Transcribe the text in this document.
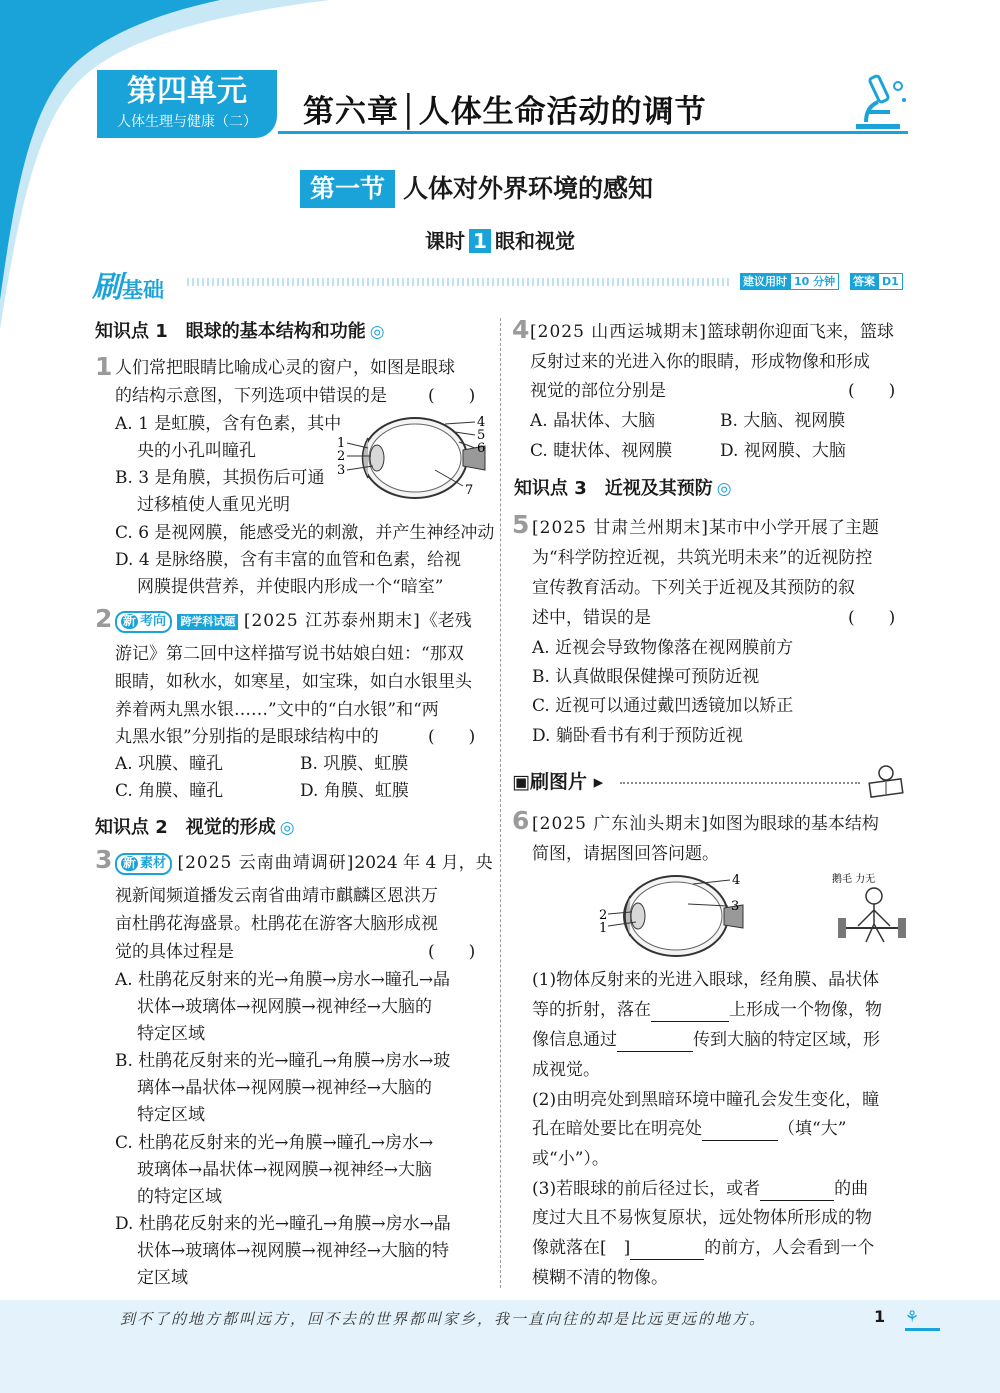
第四单元
人体生理与健康（二）	第六章│人体生命活动的调节
第一节 人体对外界环境的感知
课时 1 眼和视觉
刷基础	建议用时 10 分钟	答案 D1
知识点 1　眼球的基本结构和功能 ◎
1 人们常把眼睛比喻成心灵的窗户，如图是眼球
的结构示意图，下列选项中错误的是 (　　)
A. 1 是虹膜，含有色素，其中
央的小孔叫瞳孔
B. 3 是角膜，其损伤后可通
过移植使人重见光明
C. 6 是视网膜，能感受光的刺激，并产生神经冲动
D. 4 是脉络膜，含有丰富的血管和色素，给视
网膜提供营养，并使眼内形成一个“暗室”
1
2
3
4
5
6
7
2 新 考向 跨学科试题 [2025 江苏泰州期末]《老残
游记》第二回中这样描写说书姑娘白妞：“那双
眼睛，如秋水，如寒星，如宝珠，如白水银里头
养着两丸黑水银……”文中的“白水银”和“两
丸黑水银”分别指的是眼球结构中的	(　　)
A. 巩膜、瞳孔	B. 巩膜、虹膜
C. 角膜、瞳孔	D. 角膜、虹膜
知识点 2　视觉的形成 ◎
3 新 素材 [2025 云南曲靖调研]2024 年 4 月，央
视新闻频道播发云南省曲靖市麒麟区恩洪万
亩杜鹃花海盛景。杜鹃花在游客大脑形成视
觉的具体过程是	(　　)
A. 杜鹃花反射来的光→角膜→房水→瞳孔→晶
状体→玻璃体→视网膜→视神经→大脑的
特定区域
B. 杜鹃花反射来的光→瞳孔→角膜→房水→玻
璃体→晶状体→视网膜→视神经→大脑的
特定区域
C. 杜鹃花反射来的光→角膜→瞳孔→房水→
玻璃体→晶状体→视网膜→视神经→大脑
的特定区域
D. 杜鹃花反射来的光→瞳孔→角膜→房水→晶
状体→玻璃体→视网膜→视神经→大脑的特
定区域
4 [2025 山西运城期末]篮球朝你迎面飞来，篮球
反射过来的光进入你的眼睛，形成物像和形成
视觉的部位分别是	(　　)
A. 晶状体、大脑	B. 大脑、视网膜
C. 睫状体、视网膜	D. 视网膜、大脑
知识点 3　近视及其预防 ◎
5 [2025 甘肃兰州期末]某市中小学开展了主题
为“科学防控近视，共筑光明未来”的近视防控
宣传教育活动。下列关于近视及其预防的叙
述中，错误的是	(　　)
A. 近视会导致物像落在视网膜前方
B. 认真做眼保健操可预防近视
C. 近视可以通过戴凹透镜加以矫正
D. 躺卧看书有利于预防近视
▣刷图片 ▸
6 [2025 广东汕头期末]如图为眼球的基本结构
简图，请据图回答问题。
1
2
3
4	鹅毛 力无
(1)物体反射来的光进入眼球，经角膜、晶状体
等的折射，落在	上形成一个物像，物
像信息通过	传到大脑的特定区域，形
成视觉。
(2)由明亮处到黑暗环境中瞳孔会发生变化，瞳
孔在暗处要比在明亮处	（填“大”
或“小”）。
(3)若眼球的前后径过长，或者	的曲
度过大且不易恢复原状，远处物体所形成的物
像就落在[　]	的前方，人会看到一个
模糊不清的物像。
到不了的地方都叫远方，回不去的世界都叫家乡，我一直向往的却是比远更远的地方。	1 ⚘
